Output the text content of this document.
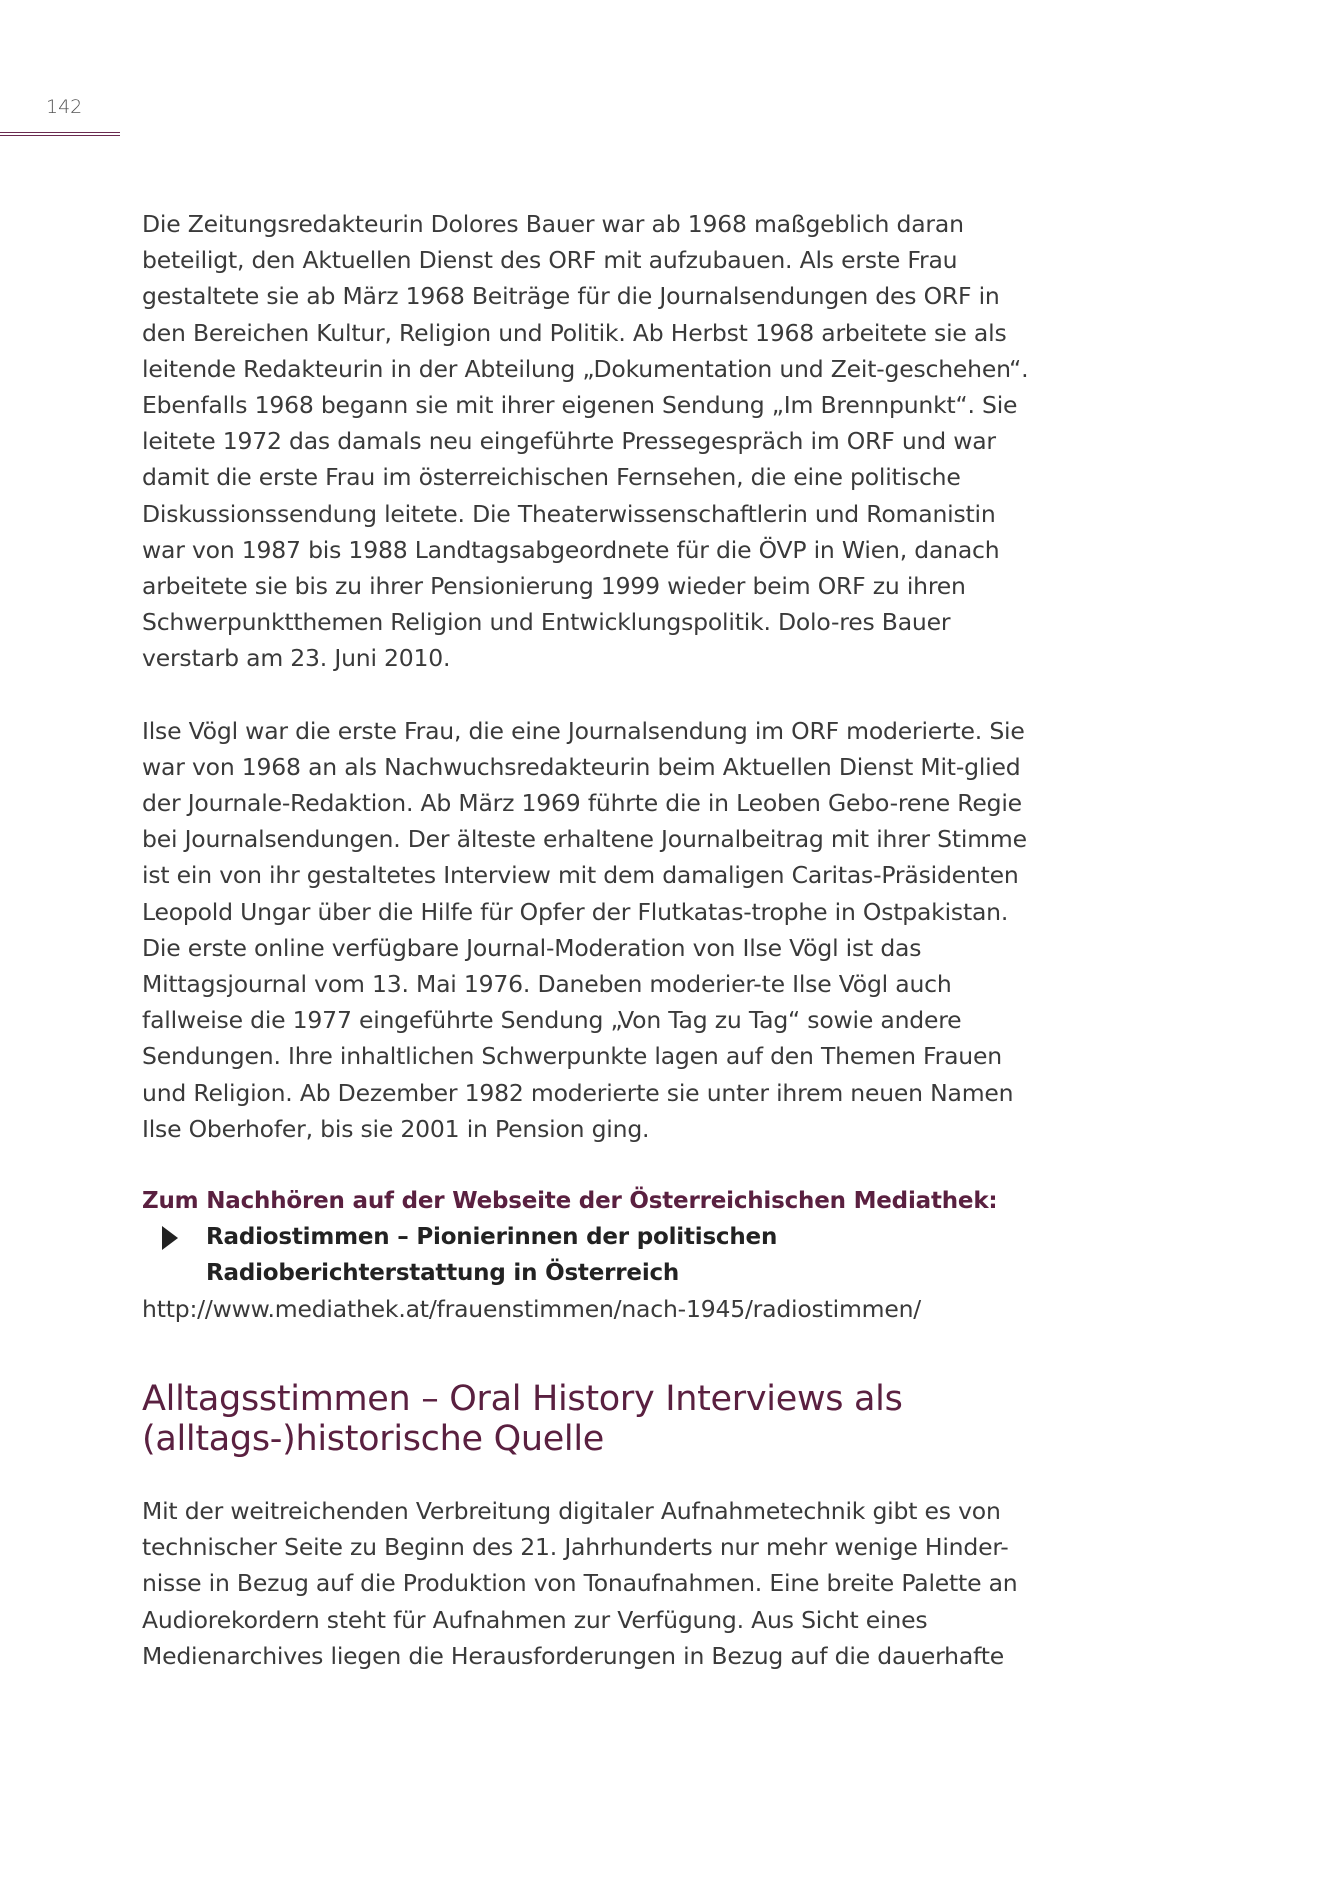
142

Die Zeitungsredakteurin Dolores Bauer war ab 1968 maßgeblich daran beteiligt, den Aktuellen Dienst des ORF mit aufzubauen. Als erste Frau gestaltete sie ab März 1968 Beiträge für die Journalsendungen des ORF in den Bereichen Kultur, Religion und Politik. Ab Herbst 1968 arbeitete sie als leitende Redakteurin in der Abteilung „Dokumentation und Zeit-geschehen“. Ebenfalls 1968 begann sie mit ihrer eigenen Sendung „Im Brennpunkt“. Sie leitete 1972 das damals neu eingeführte Pressegespräch im ORF und war damit die erste Frau im österreichischen Fernsehen, die eine politische Diskussionssendung leitete. Die Theaterwissenschaftlerin und Romanistin war von 1987 bis 1988 Landtagsabgeordnete für die ÖVP in Wien, danach arbeitete sie bis zu ihrer Pensionierung 1999 wieder beim ORF zu ihren Schwerpunktthemen Religion und Entwicklungspolitik. Dolo-res Bauer verstarb am 23. Juni 2010.

Ilse Vögl war die erste Frau, die eine Journalsendung im ORF moderierte. Sie war von 1968 an als Nachwuchsredakteurin beim Aktuellen Dienst Mit-glied der Journale-Redaktion. Ab März 1969 führte die in Leoben Gebo-rene Regie bei Journalsendungen. Der älteste erhaltene Journalbeitrag mit ihrer Stimme ist ein von ihr gestaltetes Interview mit dem damaligen Caritas-Präsidenten Leopold Ungar über die Hilfe für Opfer der Flutkatas-trophe in Ostpakistan. Die erste online verfügbare Journal-Moderation von Ilse Vögl ist das Mittagsjournal vom 13. Mai 1976. Daneben moderier-te Ilse Vögl auch fallweise die 1977 eingeführte Sendung „Von Tag zu Tag“ sowie andere Sendungen. Ihre inhaltlichen Schwerpunkte lagen auf den Themen Frauen und Religion. Ab Dezember 1982 moderierte sie unter ihrem neuen Namen Ilse Oberhofer, bis sie 2001 in Pension ging.

Zum Nachhören auf der Webseite der Österreichischen Mediathek:

Radiostimmen – Pionierinnen der politischen
Radioberichterstattung in Österreich

http://www.mediathek.at/frauenstimmen/nach-1945/radiostimmen/

Alltagsstimmen – Oral History Interviews als
(alltags-)historische Quelle

Mit der weitreichenden Verbreitung digitaler Aufnahmetechnik gibt es von technischer Seite zu Beginn des 21. Jahrhunderts nur mehr wenige Hinder-nisse in Bezug auf die Produktion von Tonaufnahmen. Eine breite Palette an Audiorekordern steht für Aufnahmen zur Verfügung. Aus Sicht eines Medienarchives liegen die Herausforderungen in Bezug auf die dauerhafte
